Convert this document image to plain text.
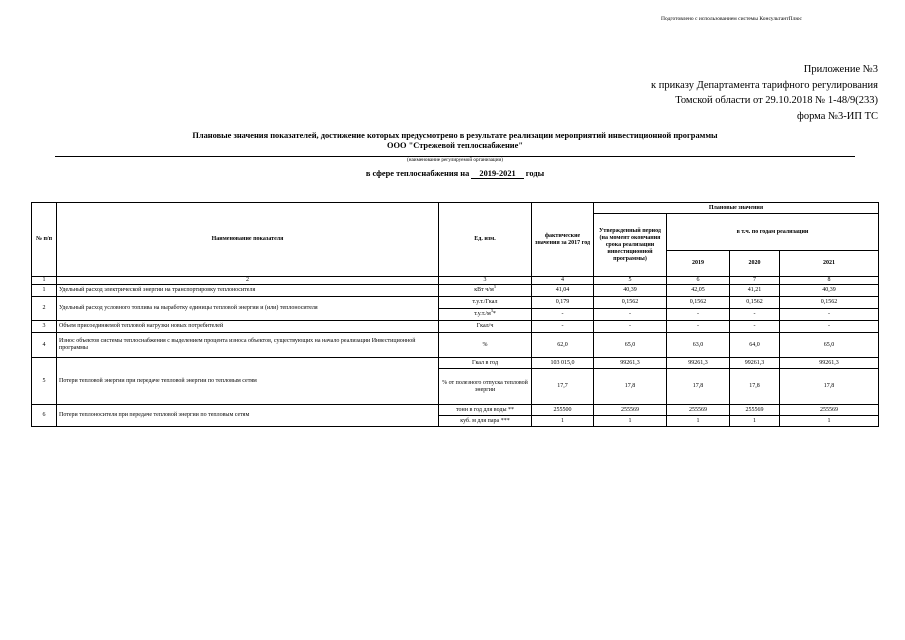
Подготовлено с использованием системы КонсультантПлюс
Приложение №3
к приказу Департамента тарифного регулирования
Томской области от 29.10.2018 № 1-48/9(233)
форма №3-ИП ТС
Плановые значения показателей, достижение которых предусмотрено в результате реализации мероприятий инвестиционной программы
ООО "Стрежевой теплоснабжение"
(наименование регулируемой организации)
в сфере теплоснабжения на 2019-2021 годы
№ п/п	Наименование показателя	Ед. изм.	фактические значения за 2017 год	Плановые значения			
				Утвержденный период (на момент окончания срока реализации инвестиционной программы)	в т.ч. по годам реализации		
					2019	2020	2021
1	2	3	4	5	6	7	8
1	Удельный расход электрической энергии на транспортировку теплоносителя	кВт $ч/м^3$	41,04	40,39	42,05	41,21	40,39
2	Удельный расход условного топлива на выработку единицы тепловой энергии и (или) теплоносителя	т.у.т./Гкал	0,179	0,1562	0,1562	0,1562	0,1562
		$т.у.т./м^3*$	-	-	-	-	-
3	Объем присоединяемой тепловой нагрузки новых потребителей	Гкал/ч	-	-	-	-	-
4	Износ объектов системы теплоснабжения с выделением процента износа объектов, существующих на начало реализации Инвестиционной программы	%	62,0	65,0	63,0	64,0	65,0
5	Потери тепловой энергии при передаче тепловой энергии по тепловым сетям	Гкал в год	103 015,0	99261,3	99261,3	99261,3	99261,3
		% от полезного отпуска тепловой энергии	17,7	17,8	17,8	17,8	17,8
6	Потери теплоносителя при передаче тепловой энергии по тепловым сетям	тонн в год для воды **	255500	255569	255569	255569	255569
		куб. м для пара ***	1	1	1	1	1
